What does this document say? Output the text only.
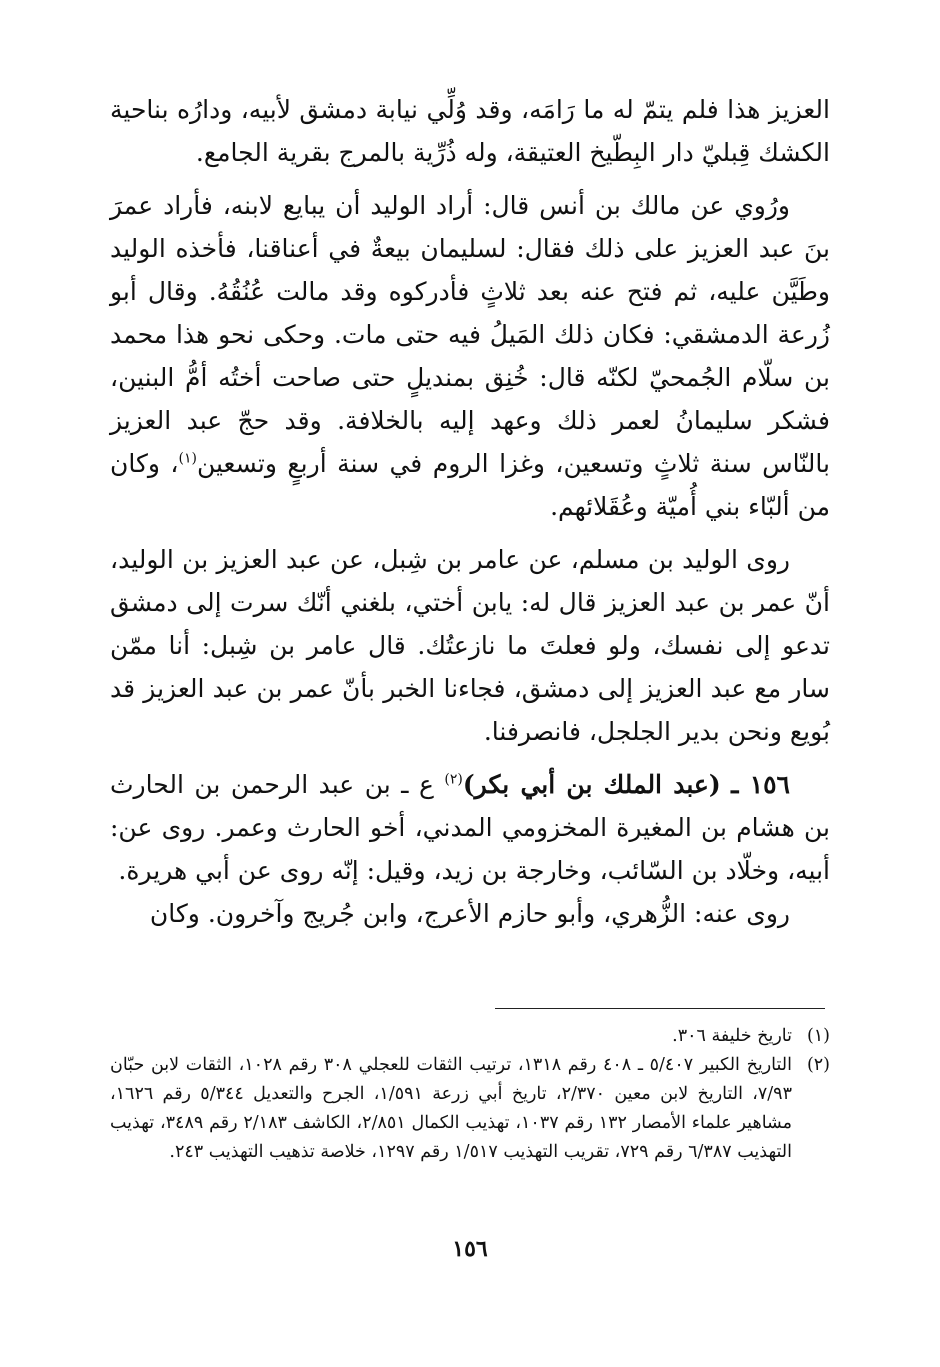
العزيز هذا فلم يتمّ له ما رَامَه، وقد وُلِّي نيابة دمشق لأبيه، ودارُه بناحية الكشك قِبليّ دار البِطّيخ العتيقة، وله ذُرِّية بالمرج بقرية الجامع.

ورُوي عن مالك بن أنس قال: أراد الوليد أن يبايع لابنه، فأراد عمرَ بنَ عبد العزيز على ذلك فقال: لسليمان بيعةٌ في أعناقنا، فأخذه الوليد وطَيَّن عليه، ثم فتح عنه بعد ثلاثٍ فأدركوه وقد مالت عُنُقُهُ. وقال أبو زُرعة الدمشقي: فكان ذلك المَيلُ فيه حتى مات. وحكى نحو هذا محمد بن سلّام الجُمحيّ لكنّه قال: خُنِق بمنديلٍ حتى صاحت أختُه أمُّ البنين، فشكر سليمانُ لعمر ذلك وعهد إليه بالخلافة. وقد حجّ عبد العزيز بالنّاس سنة ثلاثٍ وتسعين، وغزا الروم في سنة أربعٍ وتسعين$^{(١)}$، وكان من ألبّاء بني أُميّة وعُقَلائهم.

روى الوليد بن مسلم، عن عامر بن شِبل، عن عبد العزيز بن الوليد، أنّ عمر بن عبد العزيز قال له: يابن أختي، بلغني أنّك سرت إلى دمشق تدعو إلى نفسك، ولو فعلتَ ما نازعتُك. قال عامر بن شِبل: أنا ممّن سار مع عبد العزيز إلى دمشق، فجاءنا الخبر بأنّ عمر بن عبد العزيز قد بُويع ونحن بدير الجلجل، فانصرفنا.

١٥٦ ـ (عبد الملك بن أبي بكر)$^{(٢)}$ ع ـ بن عبد الرحمن بن الحارث بن هشام بن المغيرة المخزومي المدني، أخو الحارث وعمر. روى عن: أبيه، وخلّاد بن السّائب، وخارجة بن زيد، وقيل: إنّه روى عن أبي هريرة.

روى عنه: الزُّهري، وأبو حازم الأعرج، وابن جُريج وآخرون. وكان

(١)
تاريخ خليفة ٣٠٦.
(٢)
التاريخ الكبير ٥/٤٠٧ ـ ٤٠٨ رقم ١٣١٨، ترتيب الثقات للعجلي ٣٠٨ رقم ١٠٢٨، الثقات لابن حبّان ٧/٩٣، التاريخ لابن معين ٢/٣٧٠، تاريخ أبي زرعة ١/٥٩١، الجرح والتعديل ٥/٣٤٤ رقم ١٦٢٦، مشاهير علماء الأمصار ١٣٢ رقم ١٠٣٧، تهذيب الكمال ٢/٨٥١، الكاشف ٢/١٨٣ رقم ٣٤٨٩، تهذيب التهذيب ٦/٣٨٧ رقم ٧٢٩، تقريب التهذيب ١/٥١٧ رقم ١٢٩٧، خلاصة تذهيب التهذيب ٢٤٣.
١٥٦
